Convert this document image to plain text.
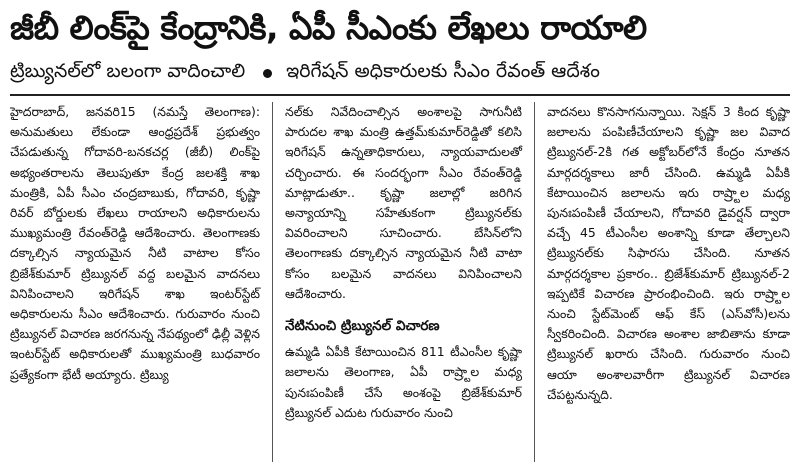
జీబీ లింక్‌పై కేంద్రానికి, ఏపీ సీఎంకు లేఖలు రాయాలి
ట్రిబ్యునల్‌లో బలంగా వాదించాలి ఇరిగేషన్ అధికారులకు సీఎం రేవంత్ ఆదేశం

హైదరాబాద్, జనవరి15 (నమస్తే తెలంగాణ): అనుమతులు లేకుండా ఆంధ్రప్రదేశ్ ప్రభుత్వం చేపడుతున్న గోదావరి-బనకచర్ల (జీబీ) లింక్‌పై అభ్యంతరాలను తెలుపుతూ కేంద్ర జలశక్తి శాఖ మంత్రికి, ఏపీ సీఎం చంద్రబాబుకు, గోదావరి, కృష్ణా రివర్ బోర్డులకు లేఖలు రాయాలని అధికారులను ముఖ్యమంత్రి రేవంత్‌రెడ్డి ఆదేశించారు. తెలంగాణకు దక్కాల్సిన న్యాయమైన నీటి వాటాల కోసం బ్రిజేశ్‌కుమార్ ట్రిబ్యునల్ వద్ద బలమైన వాదనలు వినిపించాలని ఇరిగేషన్ శాఖ ఇంటర్‌స్టేట్ అధికారులను సీఎం ఆదేశించారు. గురువారం నుంచి ట్రిబ్యునల్ విచారణ జరగనున్న నేపథ్యంలో ఢిల్లీ వెళ్లిన ఇంటర్‌స్టేట్ అధికారులతో ముఖ్యమంత్రి బుధవారం ప్రత్యేకంగా భేటీ అయ్యారు. ట్రిబ్యు

నల్‌కు నివేదించాల్సిన అంశాలపై సాగునీటి పారుదల శాఖ మంత్రి ఉత్తమ్‌కుమార్‌రెడ్డితో కలిసి ఇరిగేషన్ ఉన్నతాధికారులు, న్యాయవాదులతో చర్చించారు. ఈ సందర్భంగా సీఎం రేవంత్‌రెడ్డి మాట్లాడుతూ.. కృష్ణా జలాల్లో జరిగిన అన్యాయాన్ని సహేతుకంగా ట్రిబ్యునల్‌కు వివరించాలని సూచించారు. బేసిన్‌లోని తెలంగాణకు దక్కాల్సిన న్యాయమైన నీటి వాటా కోసం బలమైన వాదనలు వినిపించాలని ఆదేశించారు.

నేటినుంచి ట్రిబ్యునల్ విచారణ

ఉమ్మడి ఏపీకి కేటాయించిన 811 టీఎంసీల కృష్ణా జలాలను తెలంగాణ, ఏపీ రాష్ర్టాల మధ్య పునఃపంపిణీ చేసే అంశంపై బ్రిజేశ్‌కుమార్ ట్రిబ్యునల్ ఎదుట గురువారం నుంచి

వాదనలు కొనసాగనున్నాయి. సెక్షన్ 3 కింద కృష్ణా జలాలను పంపిణీచేయాలని కృష్ణా జల వివాద ట్రిబ్యునల్-2కి గత అక్టోబర్‌లోనే కేంద్రం నూతన మార్గదర్శకాలు జారీ చేసింది. ఉమ్మడి ఏపీకి కేటాయించిన జలాలను ఇరు రాష్ర్టాల మధ్య పునఃపంపిణీ చేయాలని, గోదావరి డైవర్షన్ ద్వారా వచ్చే 45 టీఎంసీల అంశాన్ని కూడా తేల్చాలని ట్రిబ్యునల్‌కు సిఫారసు చేసింది. నూతన మార్గదర్శకాల ప్రకారం.. బ్రిజేశ్‌కుమార్ ట్రిబ్యునల్-2 ఇప్పటికే విచారణ ప్రారంభించింది. ఇరు రాష్ర్టాల నుంచి స్టేట్‌మెంట్ ఆఫ్ కేస్ (ఎస్‌వోసీ)లను స్వీకరించింది. విచారణ అంశాల జాబితాను కూడా ట్రిబ్యునల్ ఖరారు చేసింది. గురువారం నుంచి ఆయా అంశాలవారీగా ట్రిబ్యునల్ విచారణ చేపట్టనున్నది.
